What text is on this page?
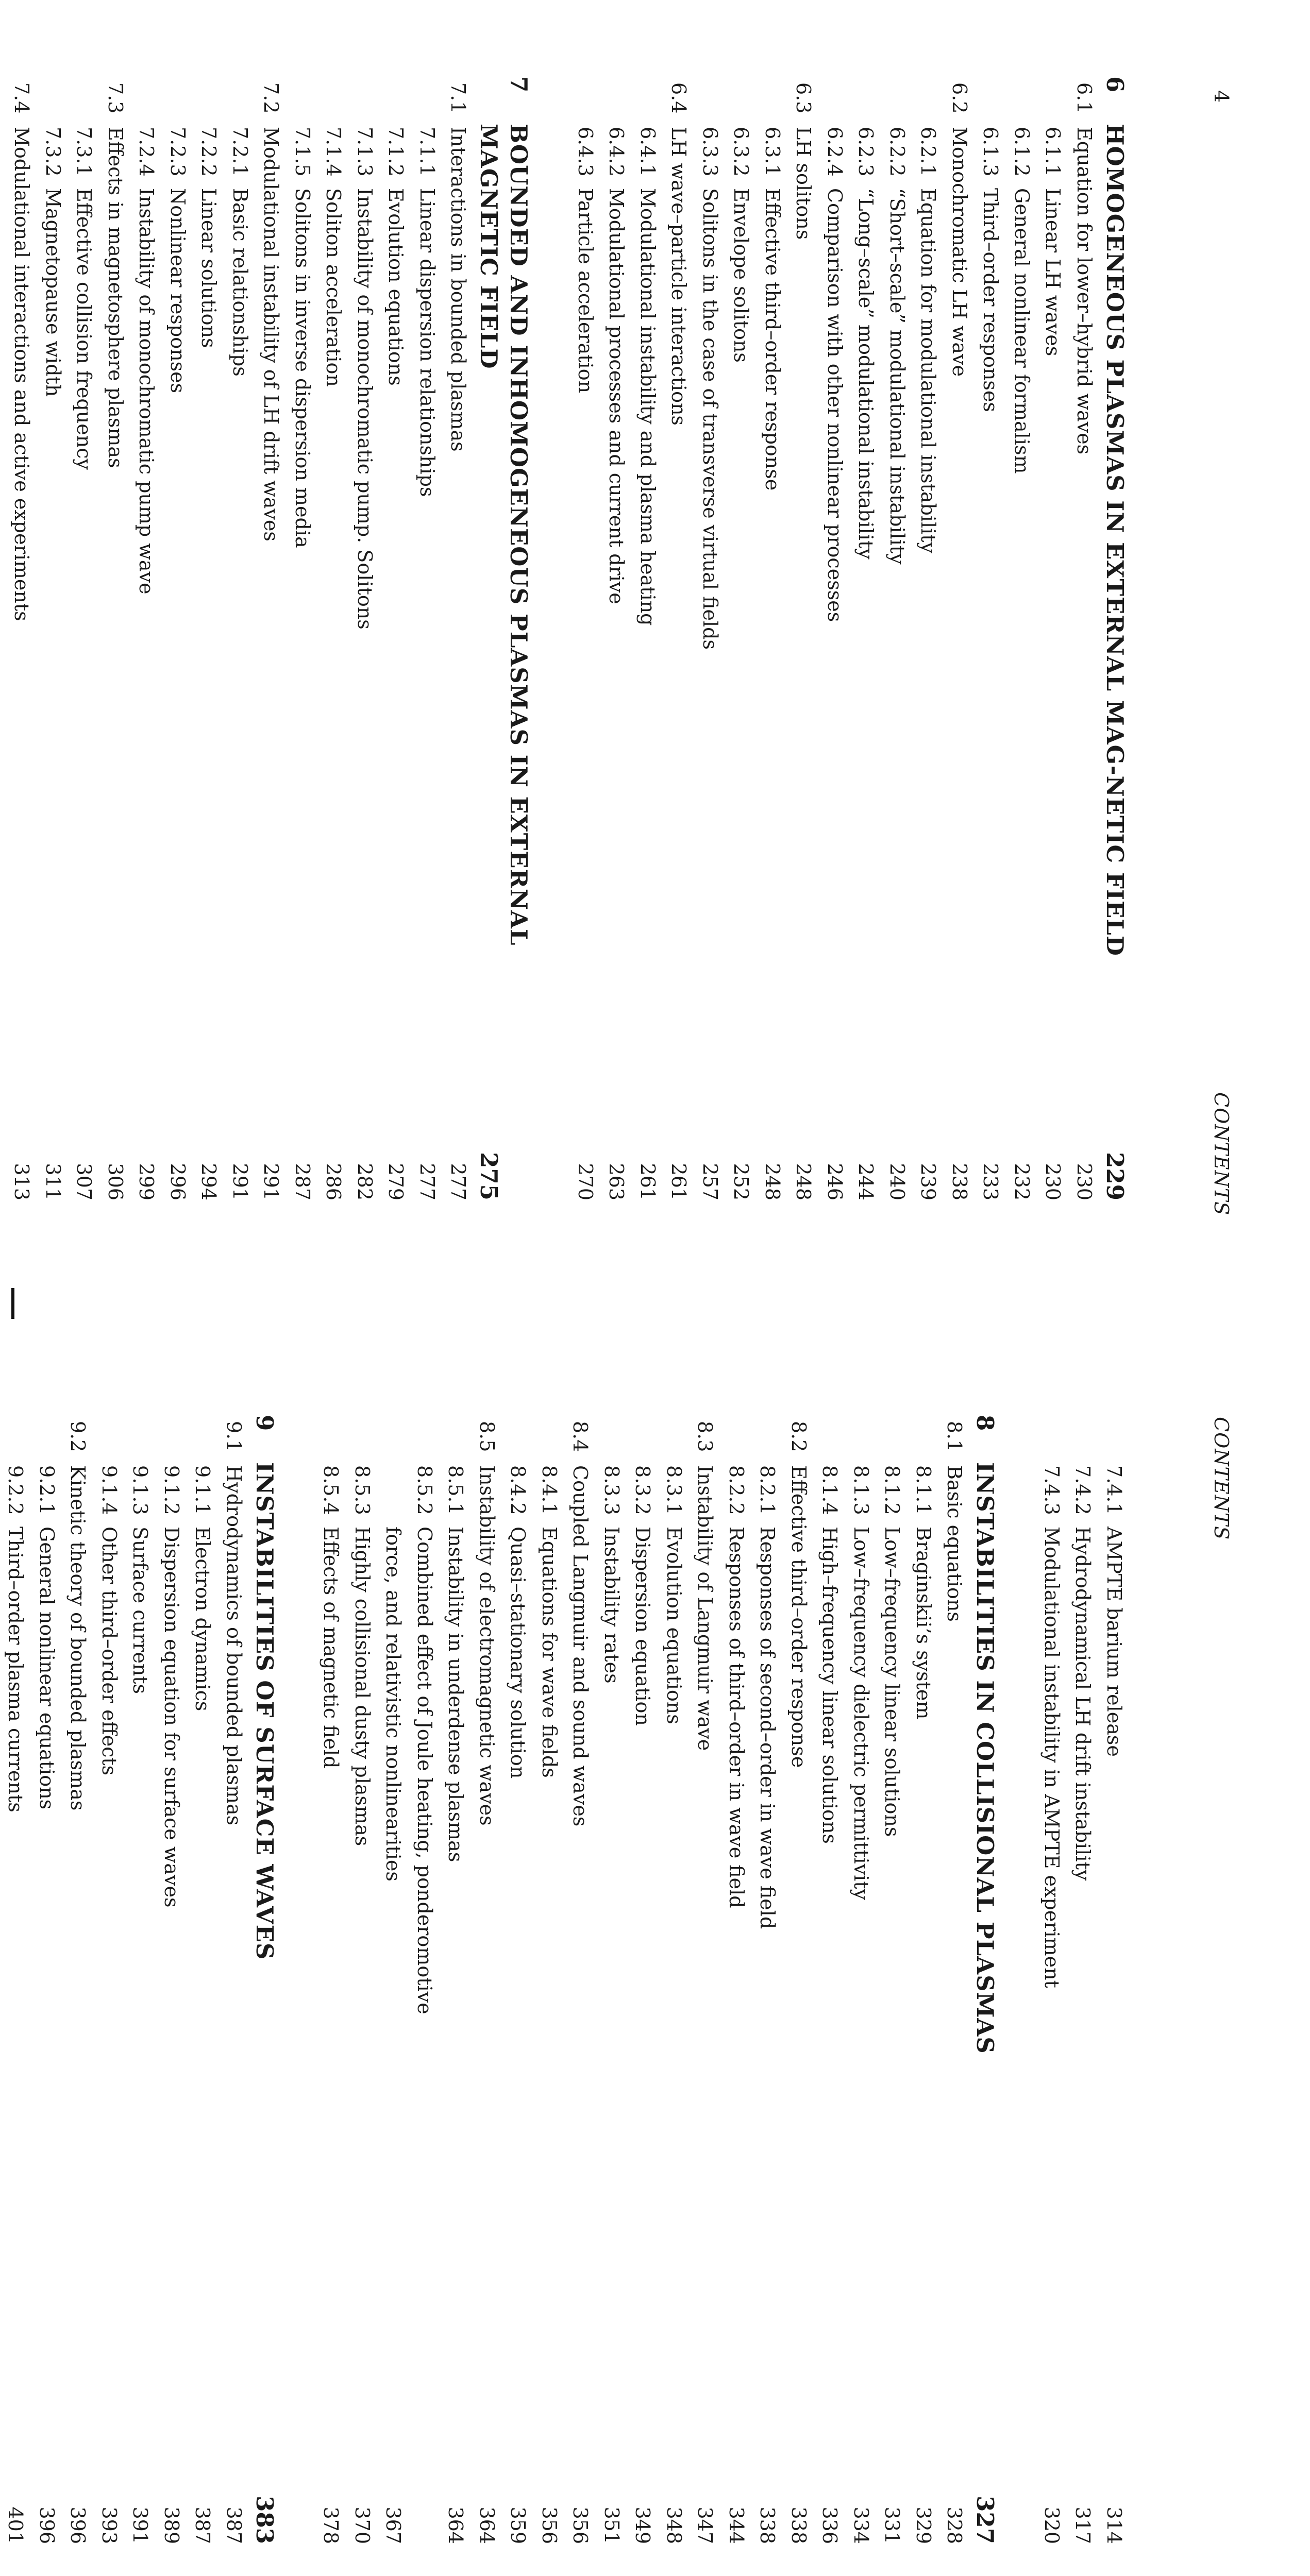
4
CONTENTS
6
HOMOGENEOUS PLASMAS IN EXTERNAL MAG-NETIC FIELD
229
6.1
Equation for lower–hybrid waves
230
6.1.1
Linear LH waves
230
6.1.2
General nonlinear formalism
232
6.1.3
Third–order responses
233
6.2
Monochromatic LH wave
238
6.2.1
Equation for modulational instability
239
6.2.2
“Short–scale” modulational instability
240
6.2.3
“Long–scale” modulational instability
244
6.2.4
Comparison with other nonlinear processes
246
6.3
LH solitons
248
6.3.1
Effective third–order response
248
6.3.2
Envelope solitons
252
6.3.3
Solitons in the case of transverse virtual fields
257
6.4
LH wave–particle interactions
261
6.4.1
Modulational instability and plasma heating
261
6.4.2
Modulational processes and current drive
263
6.4.3
Particle acceleration
270
7
BOUNDED AND INHOMOGENEOUS PLASMAS IN EXTERNAL MAGNETIC FIELD
275
7.1
Interactions in bounded plasmas
277
7.1.1
Linear dispersion relationships
277
7.1.2
Evolution equations
279
7.1.3
Instability of monochromatic pump. Solitons
282
7.1.4
Soliton acceleration
286
7.1.5
Solitons in inverse dispersion media
287
7.2
Modulational instability of LH drift waves
291
7.2.1
Basic relationships
291
7.2.2
Linear solutions
294
7.2.3
Nonlinear responses
296
7.2.4
Instability of monochromatic pump wave
299
7.3
Effects in magnetosphere plasmas
306
7.3.1
Effective collision frequency
307
7.3.2
Magnetopause width
311
7.4
Modulational interactions and active experiments
313
CONTENTS
7.4.1
AMPTE barium release
314
7.4.2
Hydrodynamical LH drift instability
317
7.4.3
Modulational instability in AMPTE experiment
320
8
INSTABILITIES IN COLLISIONAL PLASMAS
327
8.1
Basic equations
328
8.1.1
Braginskii’s system
329
8.1.2
Low–frequency linear solutions
331
8.1.3
Low–frequency dielectric permittivity
334
8.1.4
High–frequency linear solutions
336
8.2
Effective third–order response
338
8.2.1
Responses of second–order in wave field
338
8.2.2
Responses of third–order in wave field
344
8.3
Instability of Langmuir wave
347
8.3.1
Evolution equations
348
8.3.2
Dispersion equation
349
8.3.3
Instability rates
351
8.4
Coupled Langmuir and sound waves
356
8.4.1
Equations for wave fields
356
8.4.2
Quasi–stationary solution
359
8.5
Instability of electromagnetic waves
364
8.5.1
Instability in underdense plasmas
364
8.5.2
Combined effect of Joule heating, ponderomotive
force, and relativistic nonlinearities
367
8.5.3
Highly collisional dusty plasmas
370
8.5.4
Effects of magnetic field
378
9
INSTABILITIES OF SURFACE WAVES
383
9.1
Hydrodynamics of bounded plasmas
387
9.1.1
Electron dynamics
387
9.1.2
Dispersion equation for surface waves
389
9.1.3
Surface currents
391
9.1.4
Other third–order effects
393
9.2
Kinetic theory of bounded plasmas
396
9.2.1
General nonlinear equations
396
9.2.2
Third–order plasma currents
401
